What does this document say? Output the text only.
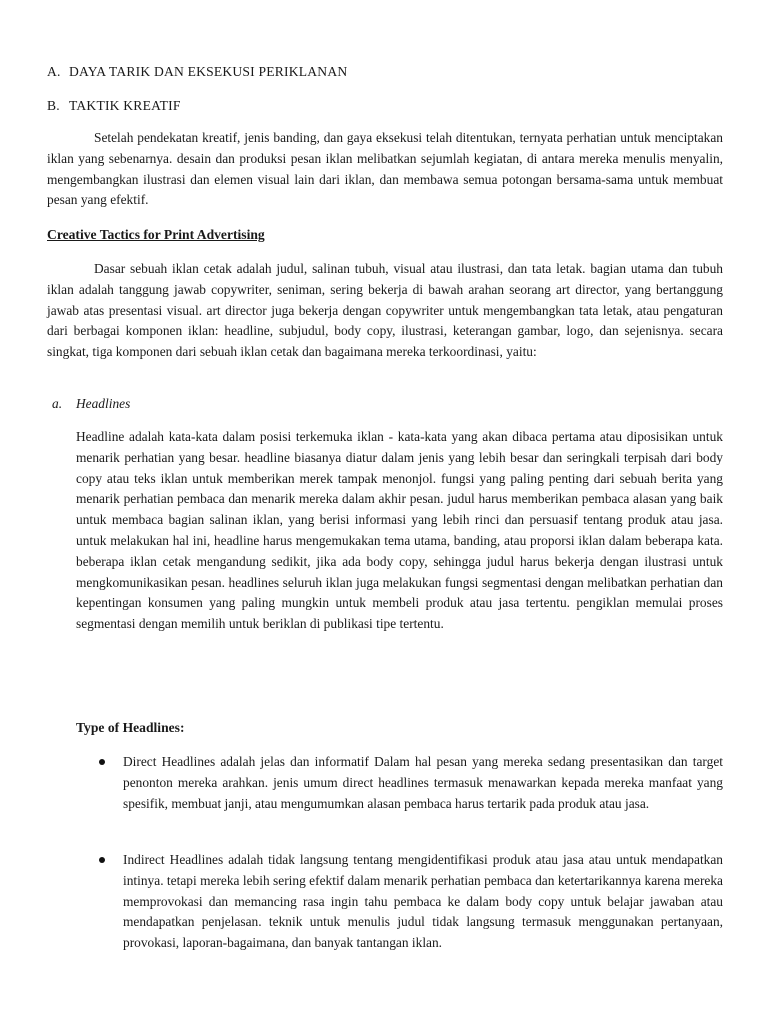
A. DAYA TARIK DAN EKSEKUSI PERIKLANAN
B. TAKTIK KREATIF
Setelah pendekatan kreatif, jenis banding, dan gaya eksekusi telah ditentukan, ternyata perhatian untuk menciptakan iklan yang sebenarnya. desain dan produksi pesan iklan melibatkan sejumlah kegiatan, di antara mereka menulis menyalin, mengembangkan ilustrasi dan elemen visual lain dari iklan, dan membawa semua potongan bersama-sama untuk membuat pesan yang efektif.
Creative Tactics for Print Advertising
Dasar sebuah iklan cetak adalah judul, salinan tubuh, visual atau ilustrasi, dan tata letak. bagian utama dan tubuh iklan adalah tanggung jawab copywriter, seniman, sering bekerja di bawah arahan seorang art director, yang bertanggung jawab atas presentasi visual. art director juga bekerja dengan copywriter untuk mengembangkan tata letak, atau pengaturan dari berbagai komponen iklan: headline, subjudul, body copy, ilustrasi, keterangan gambar, logo, dan sejenisnya. secara singkat, tiga komponen dari sebuah iklan cetak dan bagaimana mereka terkoordinasi, yaitu:
a. Headlines
Headline adalah kata-kata dalam posisi terkemuka iklan - kata-kata yang akan dibaca pertama atau diposisikan untuk menarik perhatian yang besar. headline biasanya diatur dalam jenis yang lebih besar dan seringkali terpisah dari body copy atau teks iklan untuk memberikan merek tampak menonjol. fungsi yang paling penting dari sebuah berita yang menarik perhatian pembaca dan menarik mereka dalam akhir pesan. judul harus memberikan pembaca alasan yang baik untuk membaca bagian salinan iklan, yang berisi informasi yang lebih rinci dan persuasif tentang produk atau jasa. untuk melakukan hal ini, headline harus mengemukakan tema utama, banding, atau proporsi iklan dalam beberapa kata. beberapa iklan cetak mengandung sedikit, jika ada body copy, sehingga judul harus bekerja dengan ilustrasi untuk mengkomunikasikan pesan. headlines seluruh iklan juga melakukan fungsi segmentasi dengan melibatkan perhatian dan kepentingan konsumen yang paling mungkin untuk membeli produk atau jasa tertentu. pengiklan memulai proses segmentasi dengan memilih untuk beriklan di publikasi tipe tertentu.
Type of Headlines:
Direct Headlines adalah jelas dan informatif Dalam hal pesan yang mereka sedang presentasikan dan target penonton mereka arahkan. jenis umum direct headlines termasuk menawarkan kepada mereka manfaat yang spesifik, membuat janji, atau mengumumkan alasan pembaca harus tertarik pada produk atau jasa.
Indirect Headlines adalah tidak langsung tentang mengidentifikasi produk atau jasa atau untuk mendapatkan intinya. tetapi mereka lebih sering efektif dalam menarik perhatian pembaca dan ketertarikannya karena mereka memprovokasi dan memancing rasa ingin tahu pembaca ke dalam body copy untuk belajar jawaban atau mendapatkan penjelasan. teknik untuk menulis judul tidak langsung termasuk menggunakan pertanyaan, provokasi, laporan-bagaimana, dan banyak tantangan iklan.
